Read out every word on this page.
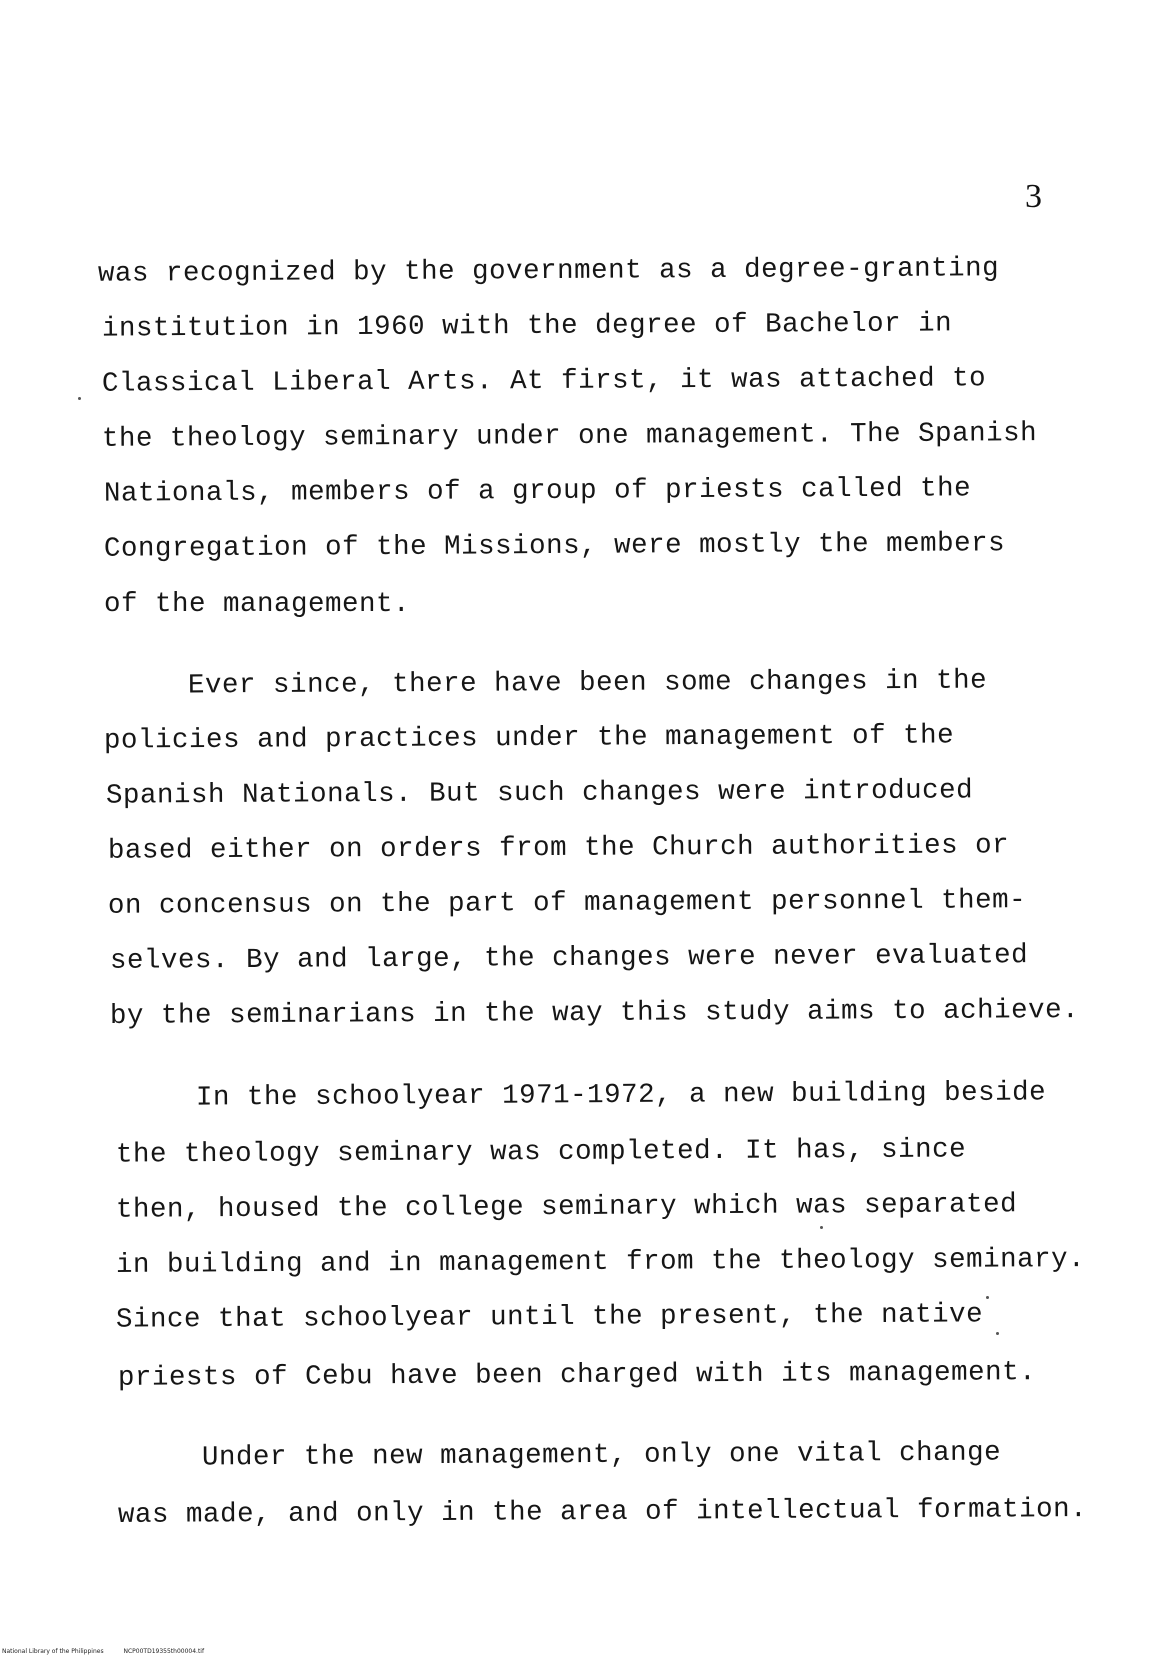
3
was recognized by the government as a degree-granting
institution in 1960 with the degree of Bachelor in
Classical Liberal Arts. At first, it was attached to
the theology seminary under one management. The Spanish
Nationals, members of a group of priests called the
Congregation of the Missions, were mostly the members
of the management.
Ever since, there have been some changes in the
policies and practices under the management of the
Spanish Nationals. But such changes were introduced
based either on orders from the Church authorities or
on concensus on the part of management personnel them-
selves. By and large, the changes were never evaluated
by the seminarians in the way this study aims to achieve.
In the schoolyear 1971-1972, a new building beside
the theology seminary was completed. It has, since
then, housed the college seminary which was separated
in building and in management from the theology seminary.
Since that schoolyear until the present, the native
priests of Cebu have been charged with its management.
Under the new management, only one vital change
was made, and only in the area of intellectual formation.
National Library of the Philippines	NCP00TD19355th00004.tif
